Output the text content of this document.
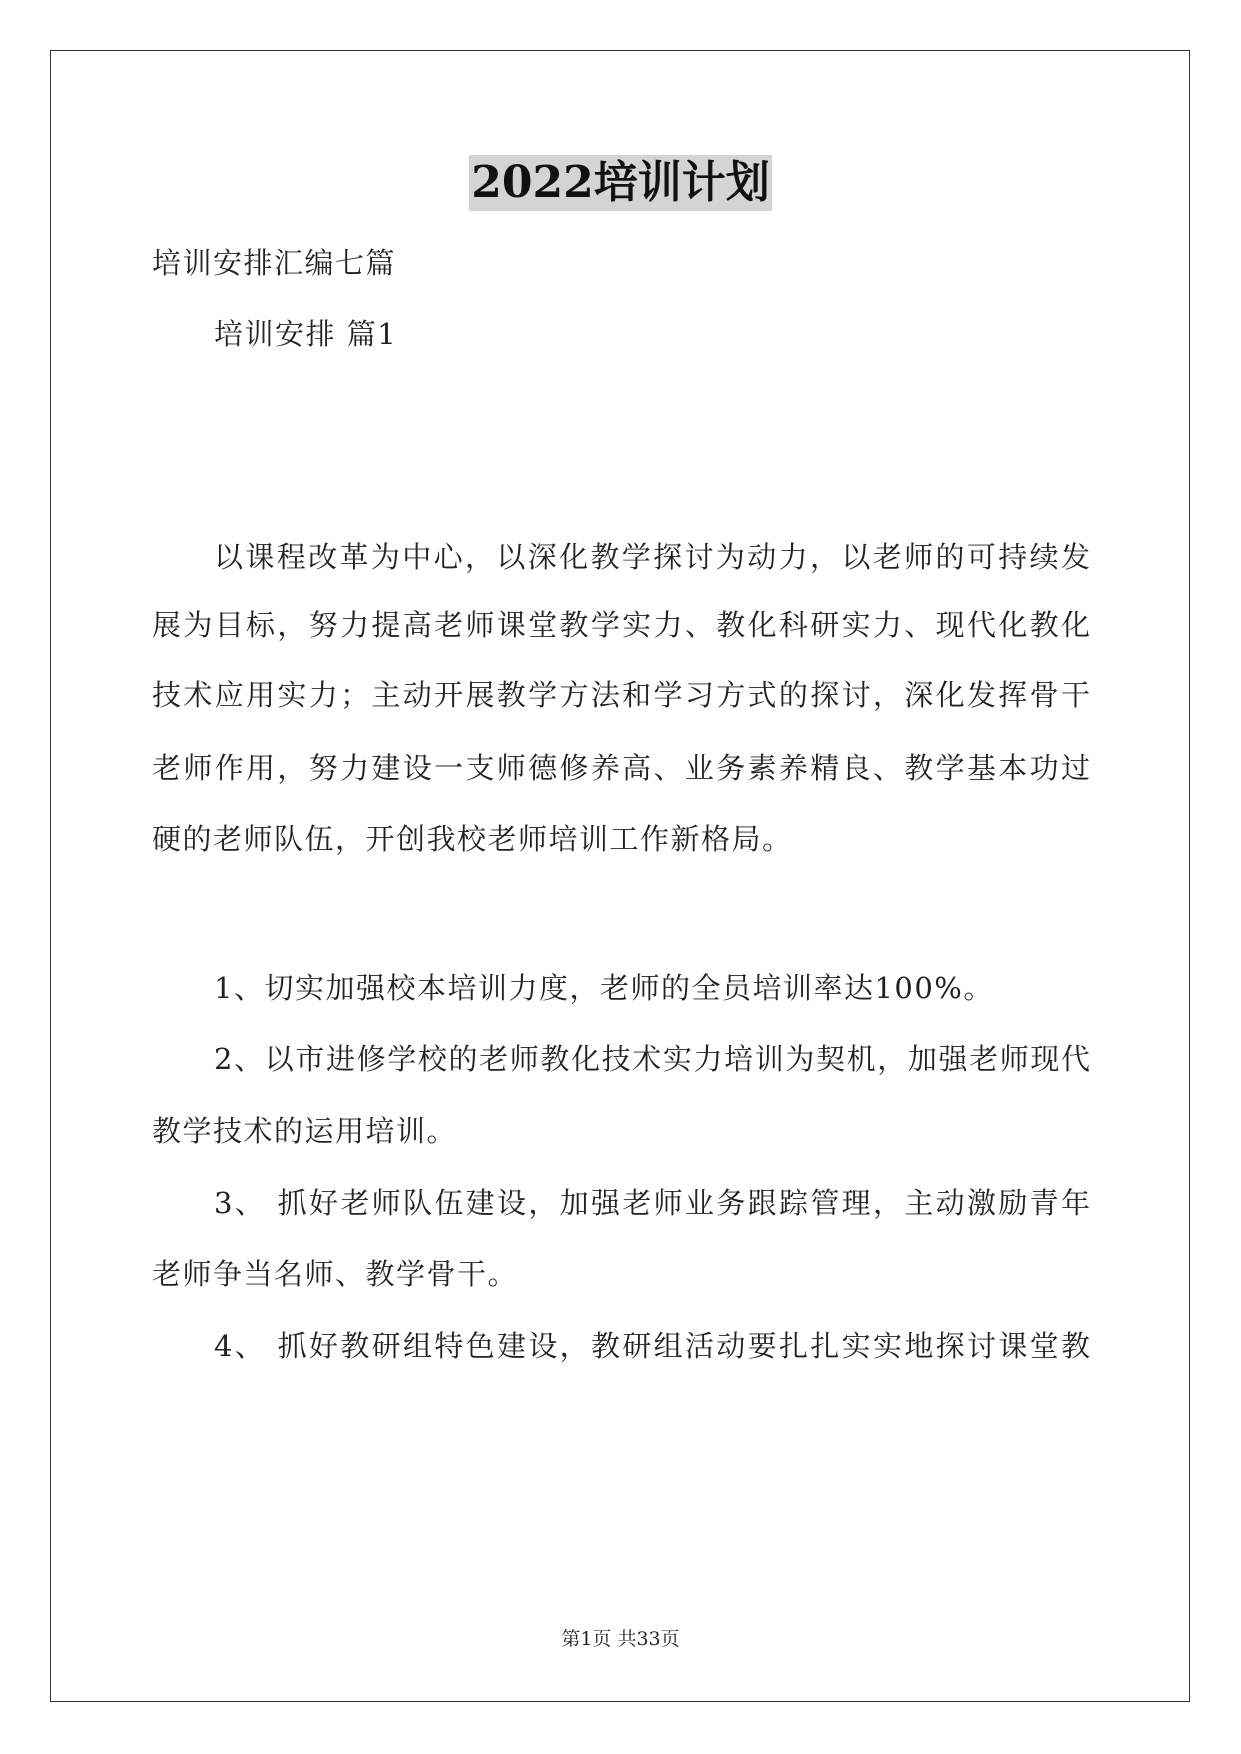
2022培训计划
培训安排汇编七篇
培训安排 篇1
以课程改革为中心，以深化教学探讨为动力，以老师的可持续发
展为目标，努力提高老师课堂教学实力、教化科研实力、现代化教化
技术应用实力；主动开展教学方法和学习方式的探讨，深化发挥骨干
老师作用，努力建设一支师德修养高、业务素养精良、教学基本功过
硬的老师队伍，开创我校老师培训工作新格局。
1、切实加强校本培训力度，老师的全员培训率达100%。
2、以市进修学校的老师教化技术实力培训为契机，加强老师现代
教学技术的运用培训。
3、 抓好老师队伍建设，加强老师业务跟踪管理，主动激励青年
老师争当名师、教学骨干。
4、 抓好教研组特色建设，教研组活动要扎扎实实地探讨课堂教
第1页 共33页
